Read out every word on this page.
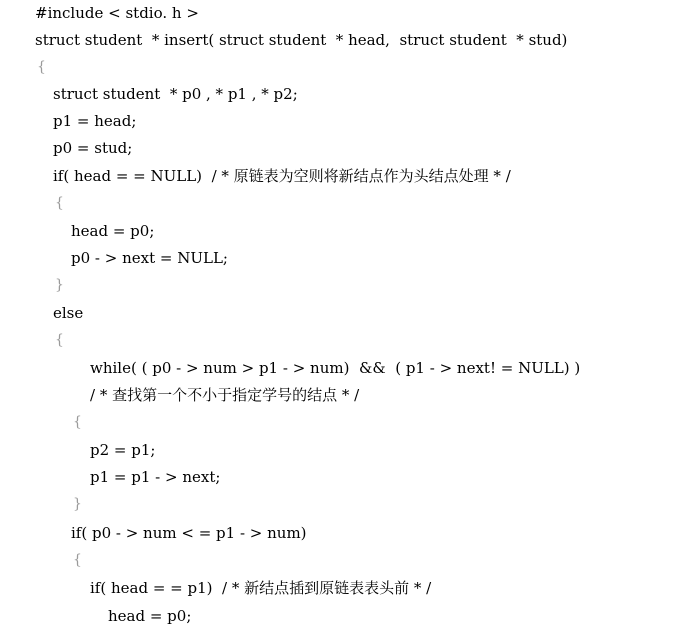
#include < stdio. h >
struct student  * insert( struct student  * head,  struct student  * stud)
{
struct student  * p0 , * p1 , * p2;
p1 = head;
p0 = stud;
if( head = = NULL)  / * 原链表为空则将新结点作为头结点处理 * /
{
head = p0;
p0 - > next = NULL;
}
else
{
while( ( p0 - > num > p1 - > num)  &&  ( p1 - > next! = NULL) )
/ * 查找第一个不小于指定学号的结点 * /
{
p2 = p1;
p1 = p1 - > next;
}
if( p0 - > num < = p1 - > num)
{
if( head = = p1)  / * 新结点插到原链表表头前 * /
head = p0;
